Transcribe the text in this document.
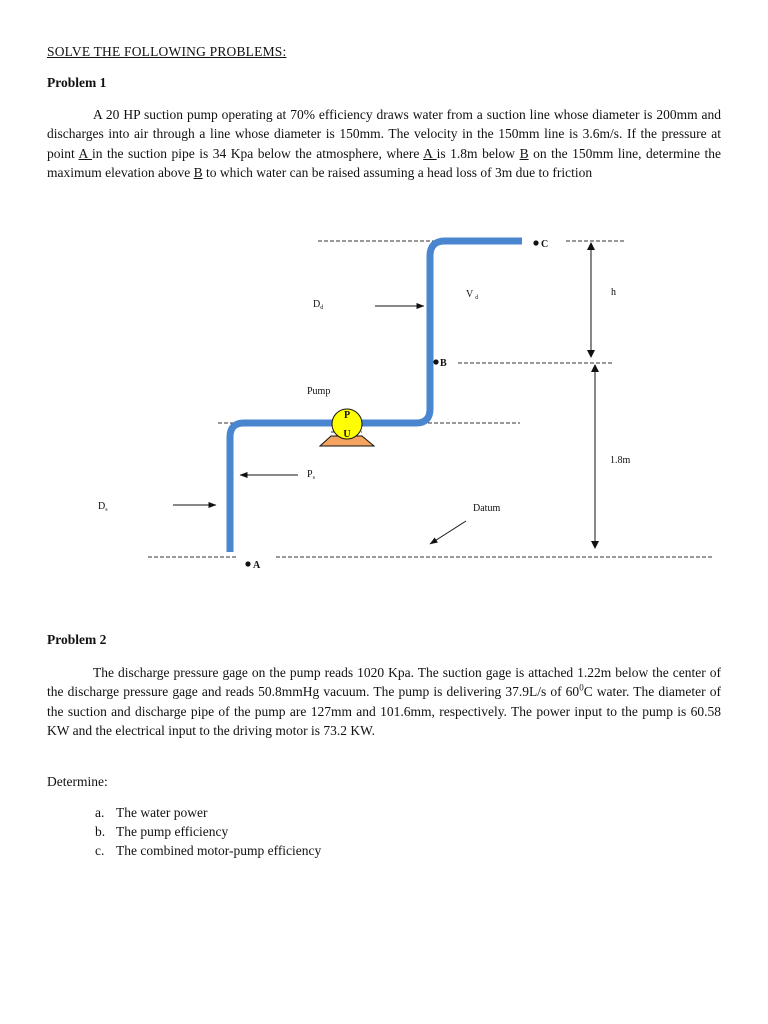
SOLVE THE FOLLOWING PROBLEMS:
Problem 1

A 20 HP suction pump operating at 70% efficiency draws water from a suction line whose diameter is 200mm and discharges into air through a line whose diameter is 150mm. The velocity in the 150mm line is 3.6m/s. If the pressure at point A in the suction pipe is 34 Kpa below the atmosphere, where A is 1.8m below B on the 150mm line, determine the maximum elevation above B to which water can be raised assuming a head loss of 3m due to friction

P
U
C
B
A
$D_d$
V $_d$	h
Pump
$P_s$
$D_s$
1.8m
Datum
Problem 2

The discharge pressure gage on the pump reads 1020 Kpa. The suction gage is attached 1.22m below the center of the discharge pressure gage and reads 50.8mmHg vacuum. The pump is delivering 37.9L/s of $60^0C$ water. The diameter of the suction and discharge pipe of the pump are 127mm and 101.6mm, respectively. The power input to the pump is 60.58 KW and the electrical input to the driving motor is 73.2 KW.

Determine:
a. The water power
b. The pump efficiency
c. The combined motor-pump efficiency
